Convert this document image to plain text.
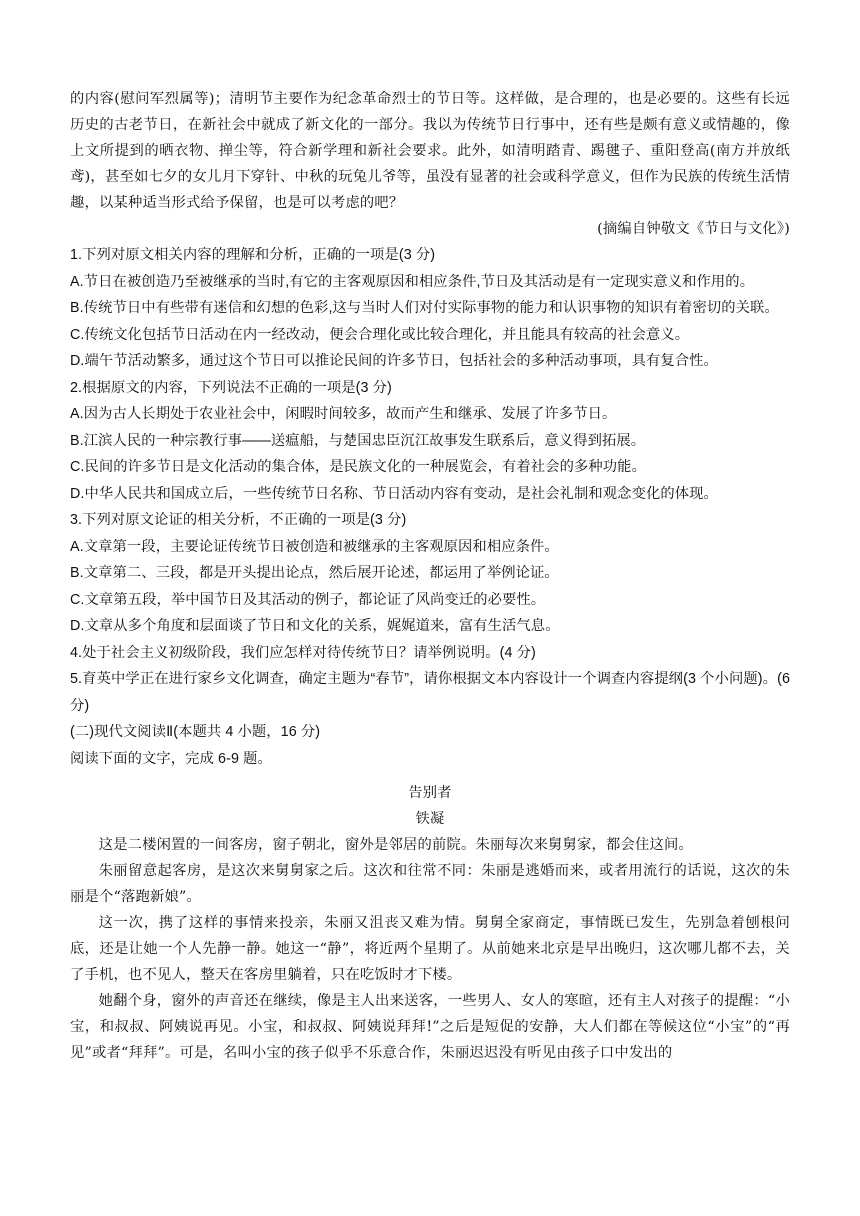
的内容(慰问军烈属等)；清明节主要作为纪念革命烈士的节日等。这样做，是合理的，也是必要的。这些有长远历史的古老节日，在新社会中就成了新文化的一部分。我以为传统节日行事中，还有些是颇有意义或情趣的，像上文所提到的晒衣物、掸尘等，符合新学理和新社会要求。此外，如清明踏青、踢毽子、重阳登高(南方并放纸鸢)，甚至如七夕的女儿月下穿针、中秋的玩兔儿爷等，虽没有显著的社会或科学意义，但作为民族的传统生活情趣，以某种适当形式给予保留，也是可以考虑的吧？

(摘编自钟敬文《节日与文化》)

1.下列对原文相关内容的理解和分析，正确的一项是(3 分)

A.节日在被创造乃至被继承的当时,有它的主客观原因和相应条件,节日及其活动是有一定现实意义和作用的。

B.传统节日中有些带有迷信和幻想的色彩,这与当时人们对付实际事物的能力和认识事物的知识有着密切的关联。

C.传统文化包括节日活动在内一经改动，便会合理化或比较合理化，并且能具有较高的社会意义。

D.端午节活动繁多，通过这个节日可以推论民间的许多节日，包括社会的多种活动事项，具有复合性。

2.根据原文的内容，下列说法不正确的一项是(3 分)

A.因为古人长期处于农业社会中，闲暇时间较多，故而产生和继承、发展了许多节日。

B.江滨人民的一种宗教行事——送瘟船，与楚国忠臣沉江故事发生联系后，意义得到拓展。

C.民间的许多节日是文化活动的集合体，是民族文化的一种展览会，有着社会的多种功能。

D.中华人民共和国成立后，一些传统节日名称、节日活动内容有变动，是社会礼制和观念变化的体现。

3.下列对原文论证的相关分析，不正确的一项是(3 分)

A.文章第一段，主要论证传统节日被创造和被继承的主客观原因和相应条件。

B.文章第二、三段，都是开头提出论点，然后展开论述，都运用了举例论证。

C.文章第五段，举中国节日及其活动的例子，都论证了风尚变迁的必要性。

D.文章从多个角度和层面谈了节日和文化的关系，娓娓道来，富有生活气息。

4.处于社会主义初级阶段，我们应怎样对待传统节日？请举例说明。(4 分)

5.育英中学正在进行家乡文化调查，确定主题为“春节”，请你根据文本内容设计一个调查内容提纲(3 个小问题)。(6 分)

(二)现代文阅读Ⅱ(本题共 4 小题，16 分)

阅读下面的文字，完成 6-9 题。

告别者

铁凝

这是二楼闲置的一间客房，窗子朝北，窗外是邻居的前院。朱丽每次来舅舅家，都会住这间。

朱丽留意起客房，是这次来舅舅家之后。这次和往常不同：朱丽是逃婚而来，或者用流行的话说，这次的朱丽是个“落跑新娘”。

这一次，携了这样的事情来投亲，朱丽又沮丧又难为情。舅舅全家商定，事情既已发生，先别急着刨根问底，还是让她一个人先静一静。她这一“静”，将近两个星期了。从前她来北京是早出晚归，这次哪儿都不去，关了手机，也不见人，整天在客房里躺着，只在吃饭时才下楼。

她翻个身，窗外的声音还在继续，像是主人出来送客，一些男人、女人的寒暄，还有主人对孩子的提醒：“小宝，和叔叔、阿姨说再见。小宝，和叔叔、阿姨说拜拜!”之后是短促的安静，大人们都在等候这位“小宝”的“再见”或者“拜拜”。可是，名叫小宝的孩子似乎不乐意合作，朱丽迟迟没有听见由孩子口中发出的
